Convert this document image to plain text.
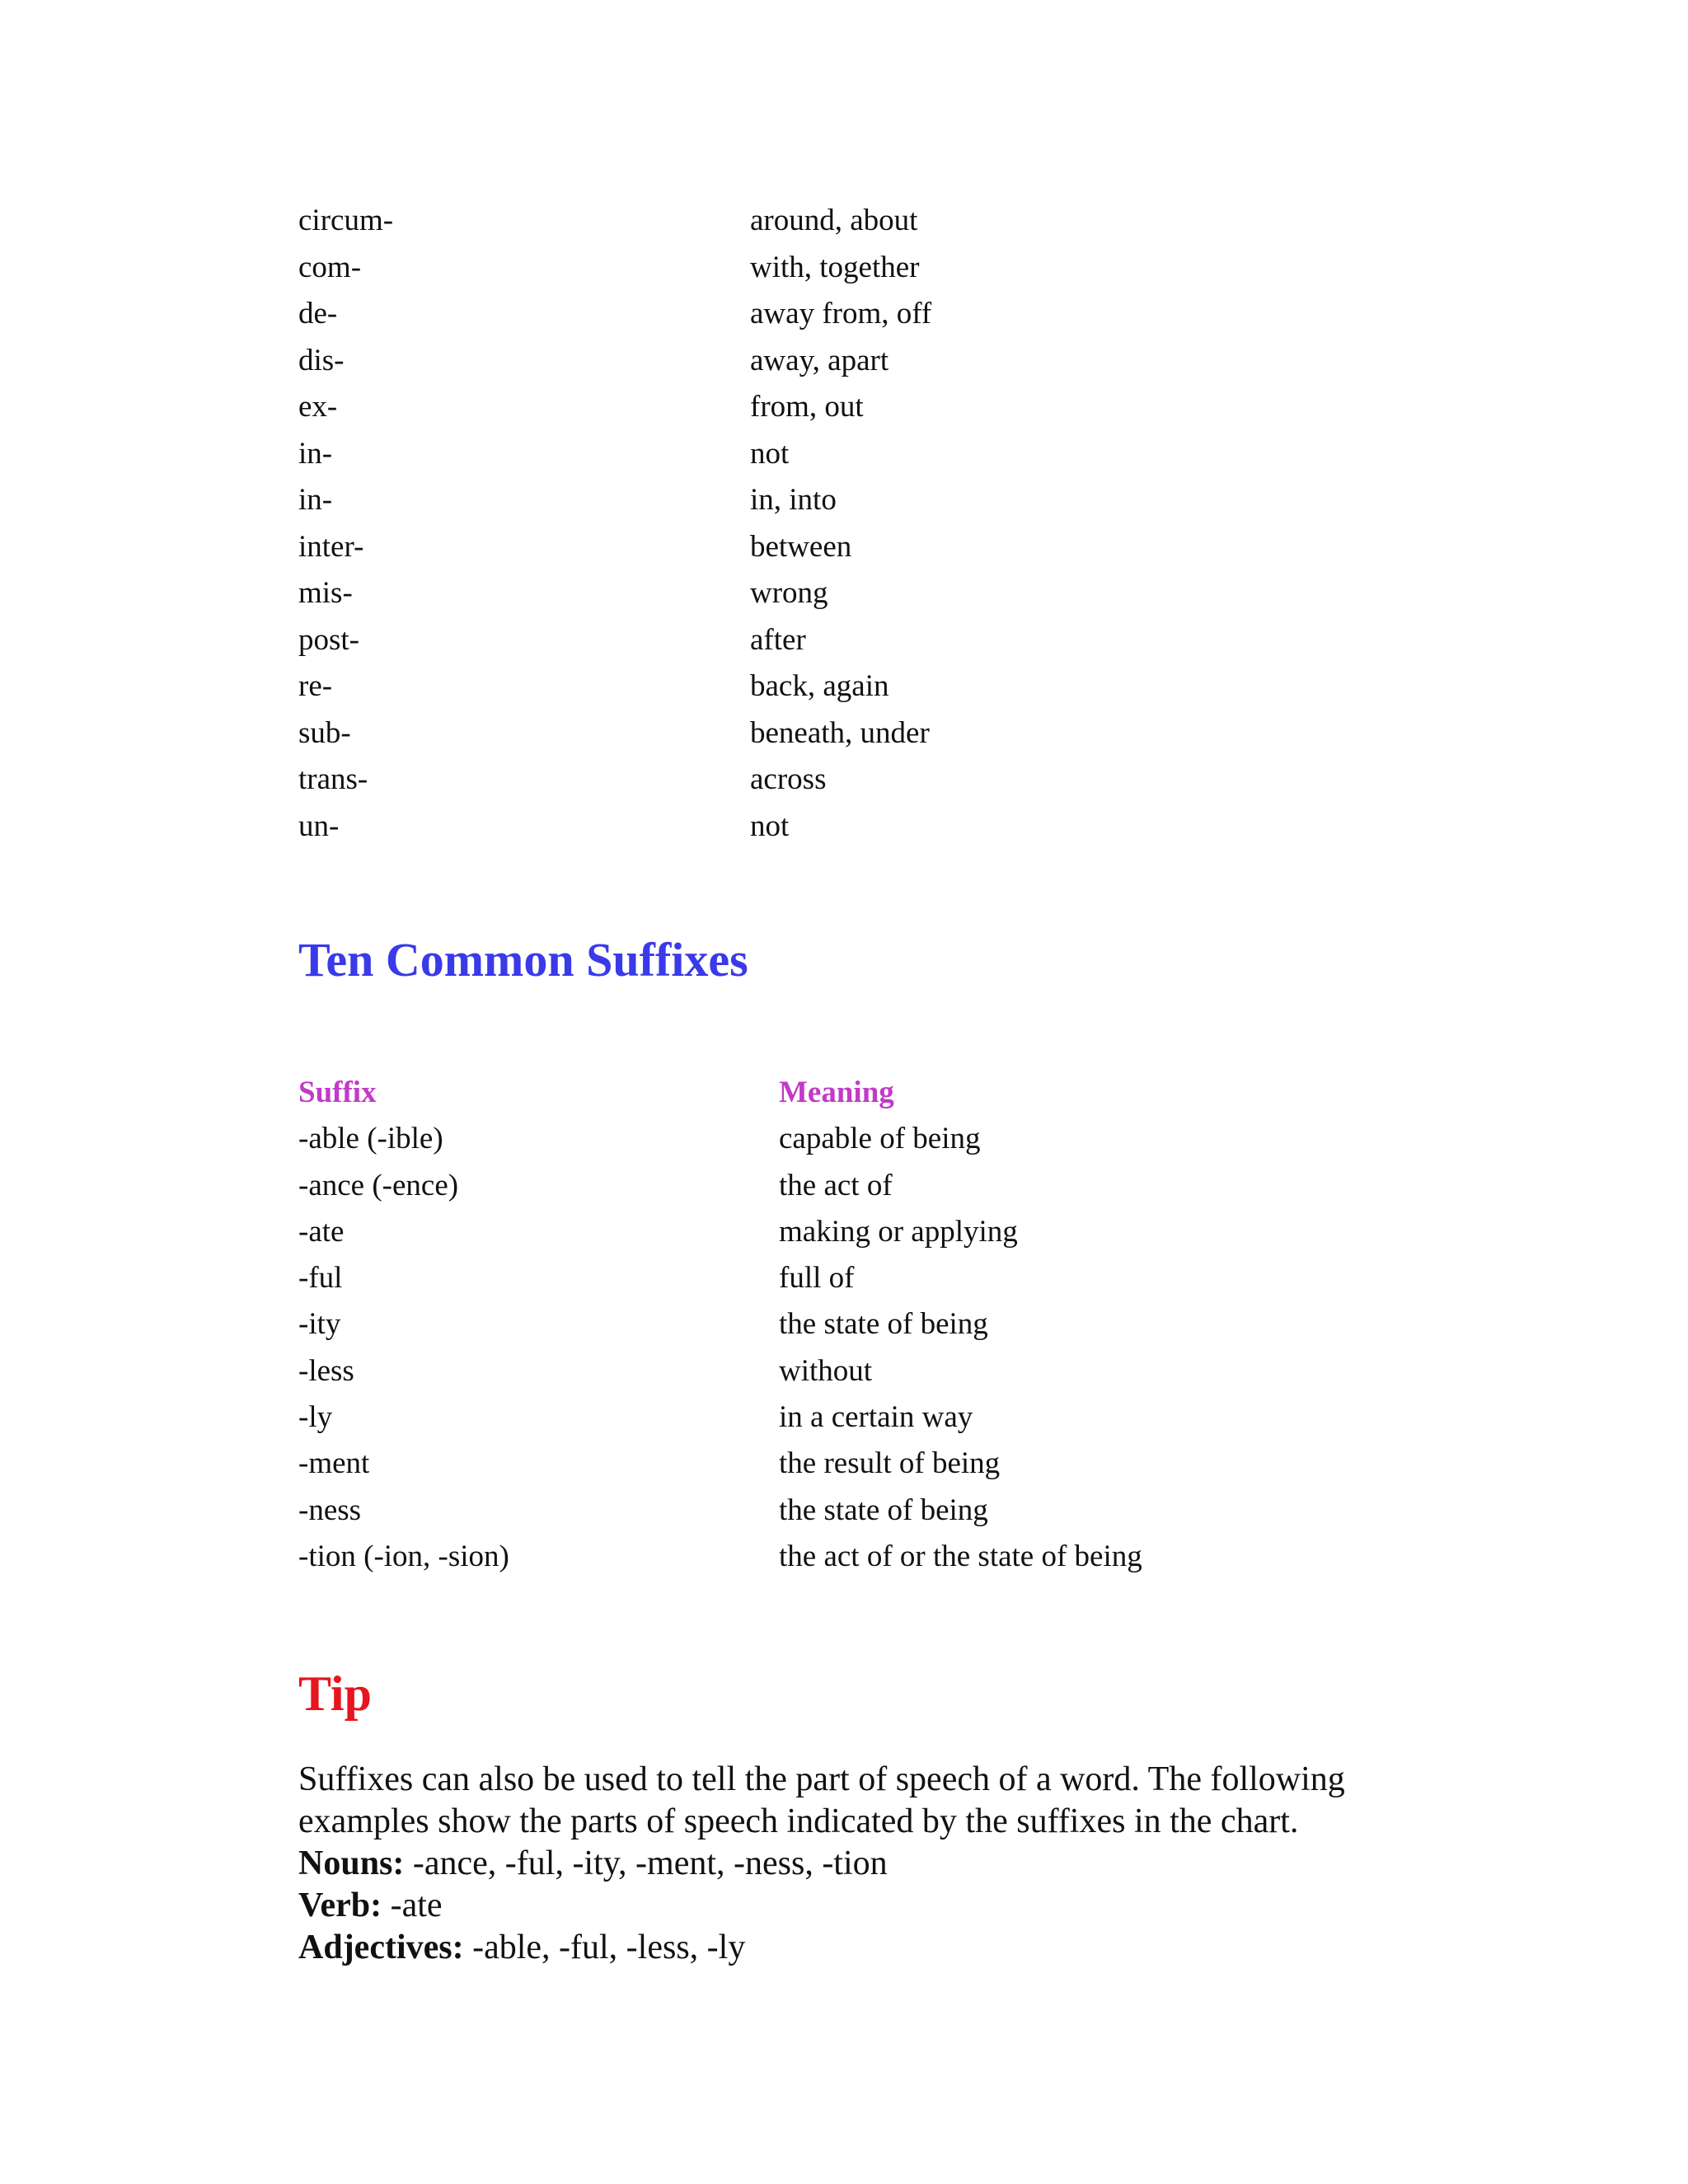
circum-	around, about
com-	with, together
de-	away from, off
dis-	away, apart
ex-	from, out
in-	not
in-	in, into
inter-	between
mis-	wrong
post-	after
re-	back, again
sub-	beneath, under
trans-	across
un-	not
Ten Common Suffixes
Suffix	Meaning
-able (-ible)	capable of being
-ance (-ence)	the act of
-ate	making or applying
-ful	full of
-ity	the state of being
-less	without
-ly	in a certain way
-ment	the result of being
-ness	the state of being
-tion (-ion, -sion)	the act of or the state of being
Tip
Suffixes can also be used to tell the part of speech of a word. The following
examples show the parts of speech indicated by the suffixes in the chart.
Nouns: -ance, -ful, -ity, -ment, -ness, -tion
Verb: -ate
Adjectives: -able, -ful, -less, -ly
